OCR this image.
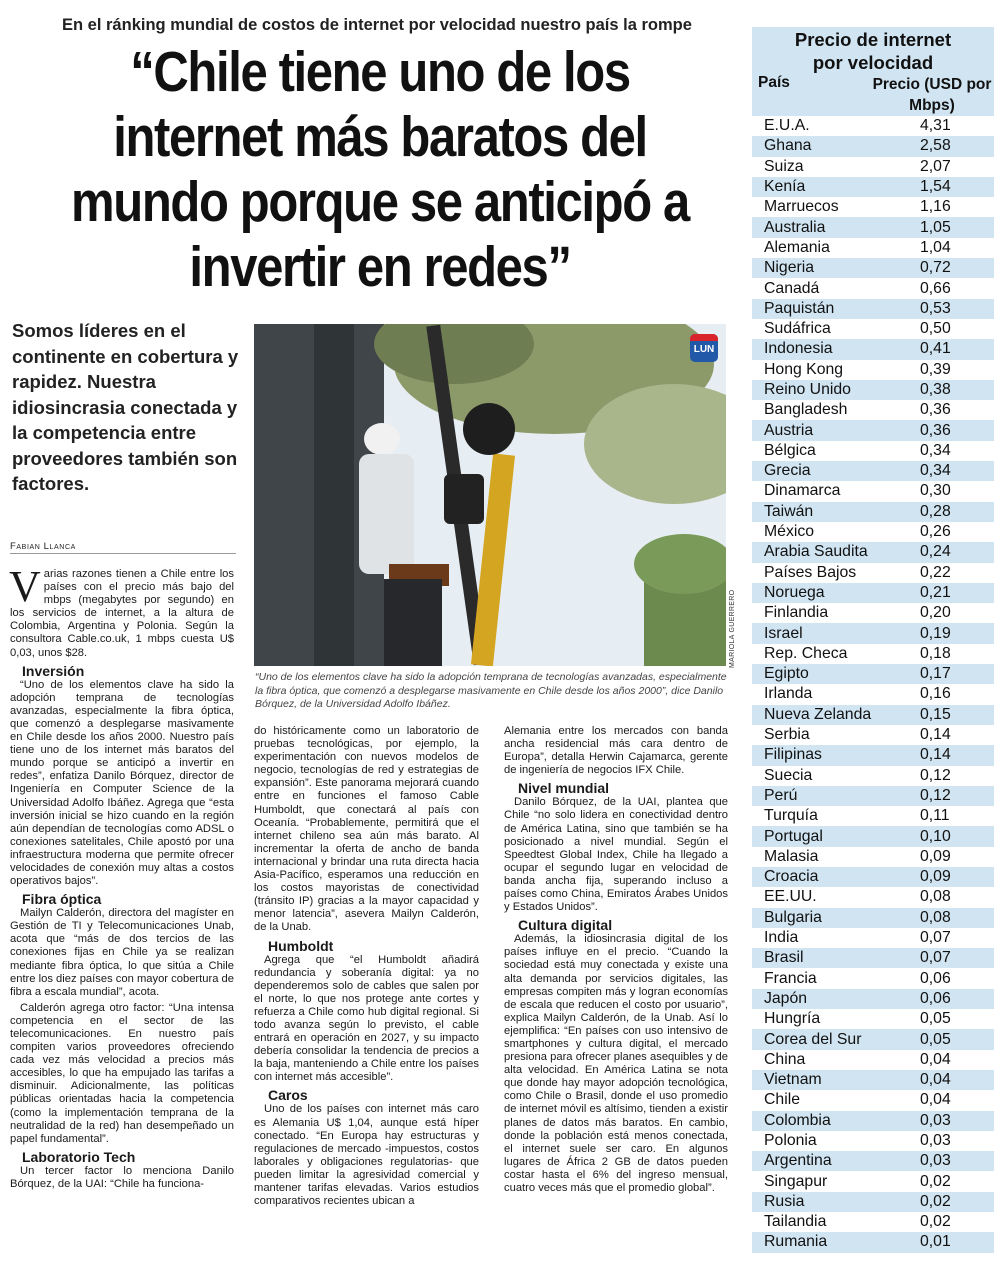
En el ránking mundial de costos de internet por velocidad nuestro país la rompe
“Chile tiene uno de los internet más baratos del mundo porque se anticipó a invertir en redes”
Somos líderes en el continente en cobertura y rapidez. Nuestra idiosincrasia conectada y la competencia entre proveedores también son factores.
Fabian Llanca
LUN
MARIOLA GUERRERO
“Uno de los elementos clave ha sido la adopción temprana de tecnologías avanzadas, especialmente la fibra óptica, que comenzó a desplegarse masivamente en Chile desde los años 2000”, dice Danilo Bórquez, de la Universidad Adolfo Ibáñez.

Varias razones tienen a Chile entre los países con el precio más bajo del mbps (megabytes por segundo) en los servicios de internet, a la altura de Colombia, Argentina y Polonia. Según la consultora Cable.co.uk, 1 mbps cuesta U$ 0,03, unos $28.

Inversión

“Uno de los elementos clave ha sido la adopción temprana de tecnologías avanzadas, especialmente la fibra óptica, que comenzó a desplegarse masivamente en Chile desde los años 2000. Nuestro país tiene uno de los internet más baratos del mundo porque se anticipó a invertir en redes”, enfatiza Danilo Bórquez, director de Ingeniería en Computer Science de la Universidad Adolfo Ibáñez. Agrega que “esta inversión inicial se hizo cuando en la región aún dependían de tecnologías como ADSL o conexiones satelitales, Chile apostó por una infraestructura moderna que permite ofrecer velocidades de conexión muy altas a costos operativos bajos”.

Fibra óptica

Mailyn Calderón, directora del magíster en Gestión de TI y Telecomunicaciones Unab, acota que “más de dos tercios de las conexiones fijas en Chile ya se realizan mediante fibra óptica, lo que sitúa a Chile entre los diez países con mayor cobertura de fibra a escala mundial”, acota.

Calderón agrega otro factor: “Una intensa competencia en el sector de las telecomunicaciones. En nuestro país compiten varios proveedores ofreciendo cada vez más velocidad a precios más accesibles, lo que ha empujado las tarifas a disminuir. Adicionalmente, las políticas públicas orientadas hacia la competencia (como la implementación temprana de la neutralidad de la red) han desempeñado un papel fundamental”.

Laboratorio Tech

Un tercer factor lo menciona Danilo Bórquez, de la UAI: “Chile ha funciona-

do históricamente como un laboratorio de pruebas tecnológicas, por ejemplo, la experimentación con nuevos modelos de negocio, tecnologías de red y estrategias de expansión”. Este panorama mejorará cuando entre en funciones el famoso Cable Humboldt, que conectará al país con Oceanía. “Probablemente, permitirá que el internet chileno sea aún más barato. Al incrementar la oferta de ancho de banda internacional y brindar una ruta directa hacia Asia-Pacífico, esperamos una reducción en los costos mayoristas de conectividad (tránsito IP) gracias a la mayor capacidad y menor latencia”, asevera Mailyn Calderón, de la Unab.

Humboldt

Agrega que “el Humboldt añadirá redundancia y soberanía digital: ya no dependeremos solo de cables que salen por el norte, lo que nos protege ante cortes y refuerza a Chile como hub digital regional. Si todo avanza según lo previsto, el cable entrará en operación en 2027, y su impacto debería consolidar la tendencia de precios a la baja, manteniendo a Chile entre los países con internet más accesible”.

Caros

Uno de los países con internet más caro es Alemania U$ 1,04, aunque está híper conectado. “En Europa hay estructuras y regulaciones de mercado -impuestos, costos laborales y obligaciones regulatorias- que pueden limitar la agresividad comercial y mantener tarifas elevadas. Varios estudios comparativos recientes ubican a

Alemania entre los mercados con banda ancha residencial más cara dentro de Europa”, detalla Herwin Cajamarca, gerente de ingeniería de negocios IFX Chile.

Nivel mundial

Danilo Bórquez, de la UAI, plantea que Chile “no solo lidera en conectividad dentro de América Latina, sino que también se ha posicionado a nivel mundial. Según el Speedtest Global Index, Chile ha llegado a ocupar el segundo lugar en velocidad de banda ancha fija, superando incluso a países como China, Emiratos Árabes Unidos y Estados Unidos”.

Cultura digital

Además, la idiosincrasia digital de los países influye en el precio. “Cuando la sociedad está muy conectada y existe una alta demanda por servicios digitales, las empresas compiten más y logran economías de escala que reducen el costo por usuario”, explica Mailyn Calderón, de la Unab. Así lo ejemplifica: “En países con uso intensivo de smartphones y cultura digital, el mercado presiona para ofrecer planes asequibles y de alta velocidad. En América Latina se nota que donde hay mayor adopción tecnológica, como Chile o Brasil, donde el uso promedio de internet móvil es altísimo, tienden a existir planes de datos más baratos. En cambio, donde la población está menos conectada, el internet suele ser caro. En algunos lugares de África 2 GB de datos pueden costar hasta el 6% del ingreso mensual, cuatro veces más que el promedio global”.

Precio de internet por velocidad
País	Precio (USD por Mbps)
E.U.A.	4,31
Ghana	2,58
Suiza	2,07
Kenía	1,54
Marruecos	1,16
Australia	1,05
Alemania	1,04
Nigeria	0,72
Canadá	0,66
Paquistán	0,53
Sudáfrica	0,50
Indonesia	0,41
Hong Kong	0,39
Reino Unido	0,38
Bangladesh	0,36
Austria	0,36
Bélgica	0,34
Grecia	0,34
Dinamarca	0,30
Taiwán	0,28
México	0,26
Arabia Saudita	0,24
Países Bajos	0,22
Noruega	0,21
Finlandia	0,20
Israel	0,19
Rep. Checa	0,18
Egipto	0,17
Irlanda	0,16
Nueva Zelanda	0,15
Serbia	0,14
Filipinas	0,14
Suecia	0,12
Perú	0,12
Turquía	0,11
Portugal	0,10
Malasia	0,09
Croacia	0,09
EE.UU.	0,08
Bulgaria	0,08
India	0,07
Brasil	0,07
Francia	0,06
Japón	0,06
Hungría	0,05
Corea del Sur	0,05
China	0,04
Vietnam	0,04
Chile	0,04
Colombia	0,03
Polonia	0,03
Argentina	0,03
Singapur	0,02
Rusia	0,02
Tailandia	0,02
Rumania	0,01
